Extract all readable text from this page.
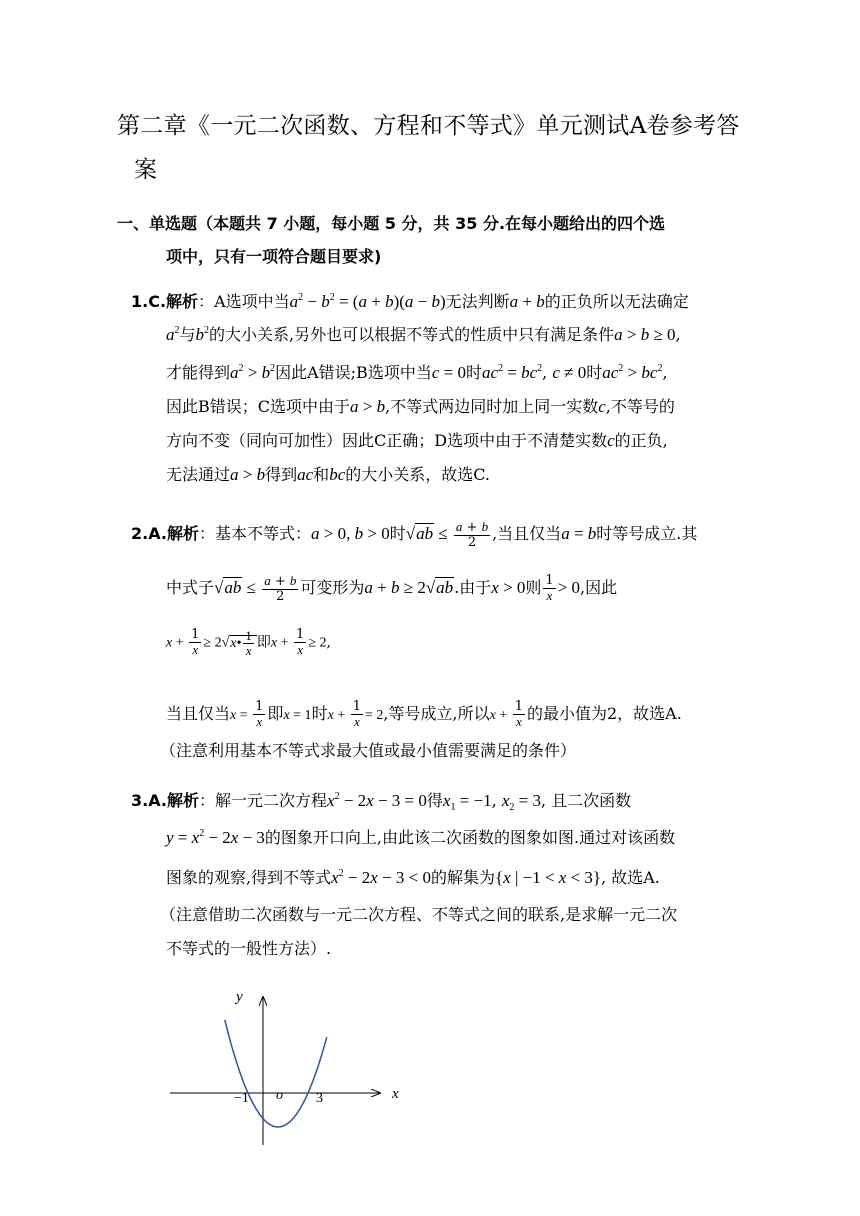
第二章《一元二次函数、方程和不等式》单元测试A卷参考答
案
一、单选题（本题共 7 小题，每小题 5 分，共 35 分.在每小题给出的四个选
项中，只有一项符合题目要求)
1.C.解析：A选项中当$a^2 - b^2 = (a + b)(a - b)$无法判断a + b的正负所以无法确定
$a^2$与$b^2$的大小关系,另外也可以根据不等式的性质中只有满足条件a > b ≥ 0,
才能得到$a^2 > b^2$因此A错误;B选项中当c = 0时$ac^2 = bc^2$, c ≠ 0时$ac^2 > bc^2$,
因此B错误；C选项中由于a > b,不等式两边同时加上同一实数c,不等号的
方向不变（同向可加性）因此C正确；D选项中由于不清楚实数c的正负,
无法通过a > b得到ac和bc的大小关系，故选C.
2.A.解析：基本不等式：a > 0, b > 0时$√ab \le \frac{a + b}{2}$ ,当且仅当a = b时等号成立.其
中式子$√ab \le \frac{a + b}{2}$ 可变形为a + b ≥ 2√ab.由于x > 0则 $\frac{1}{x} > 0$,因此
$x + \frac{1}{x}$ ≥ 2√x• $\frac{1}{x}$ 即$x + \frac{1}{x} \ge 2$,
当且仅当$x = \frac{1}{x}$ 即x = 1时$x + \frac{1}{x} = 2$,等号成立,所以$x + \frac{1}{x}$ 的最小值为2，故选A.
（注意利用基本不等式求最大值或最小值需要满足的条件）
3.A.解析：解一元二次方程$x^2 - 2x - 3 = 0$得$x_1 = -1$, $x_2 = 3$, 且二次函数
$y = x^2 - 2x - 3$的图象开口向上,由此该二次函数的图象如图.通过对该函数
图象的观察,得到不等式$x^2 - 2x - 3 < 0$的解集为{x | −1 < x < 3}, 故选A.
（注意借助二次函数与一元二次方程、不等式之间的联系,是求解一元二次
不等式的一般性方法）.
y
x
o
−1	3
